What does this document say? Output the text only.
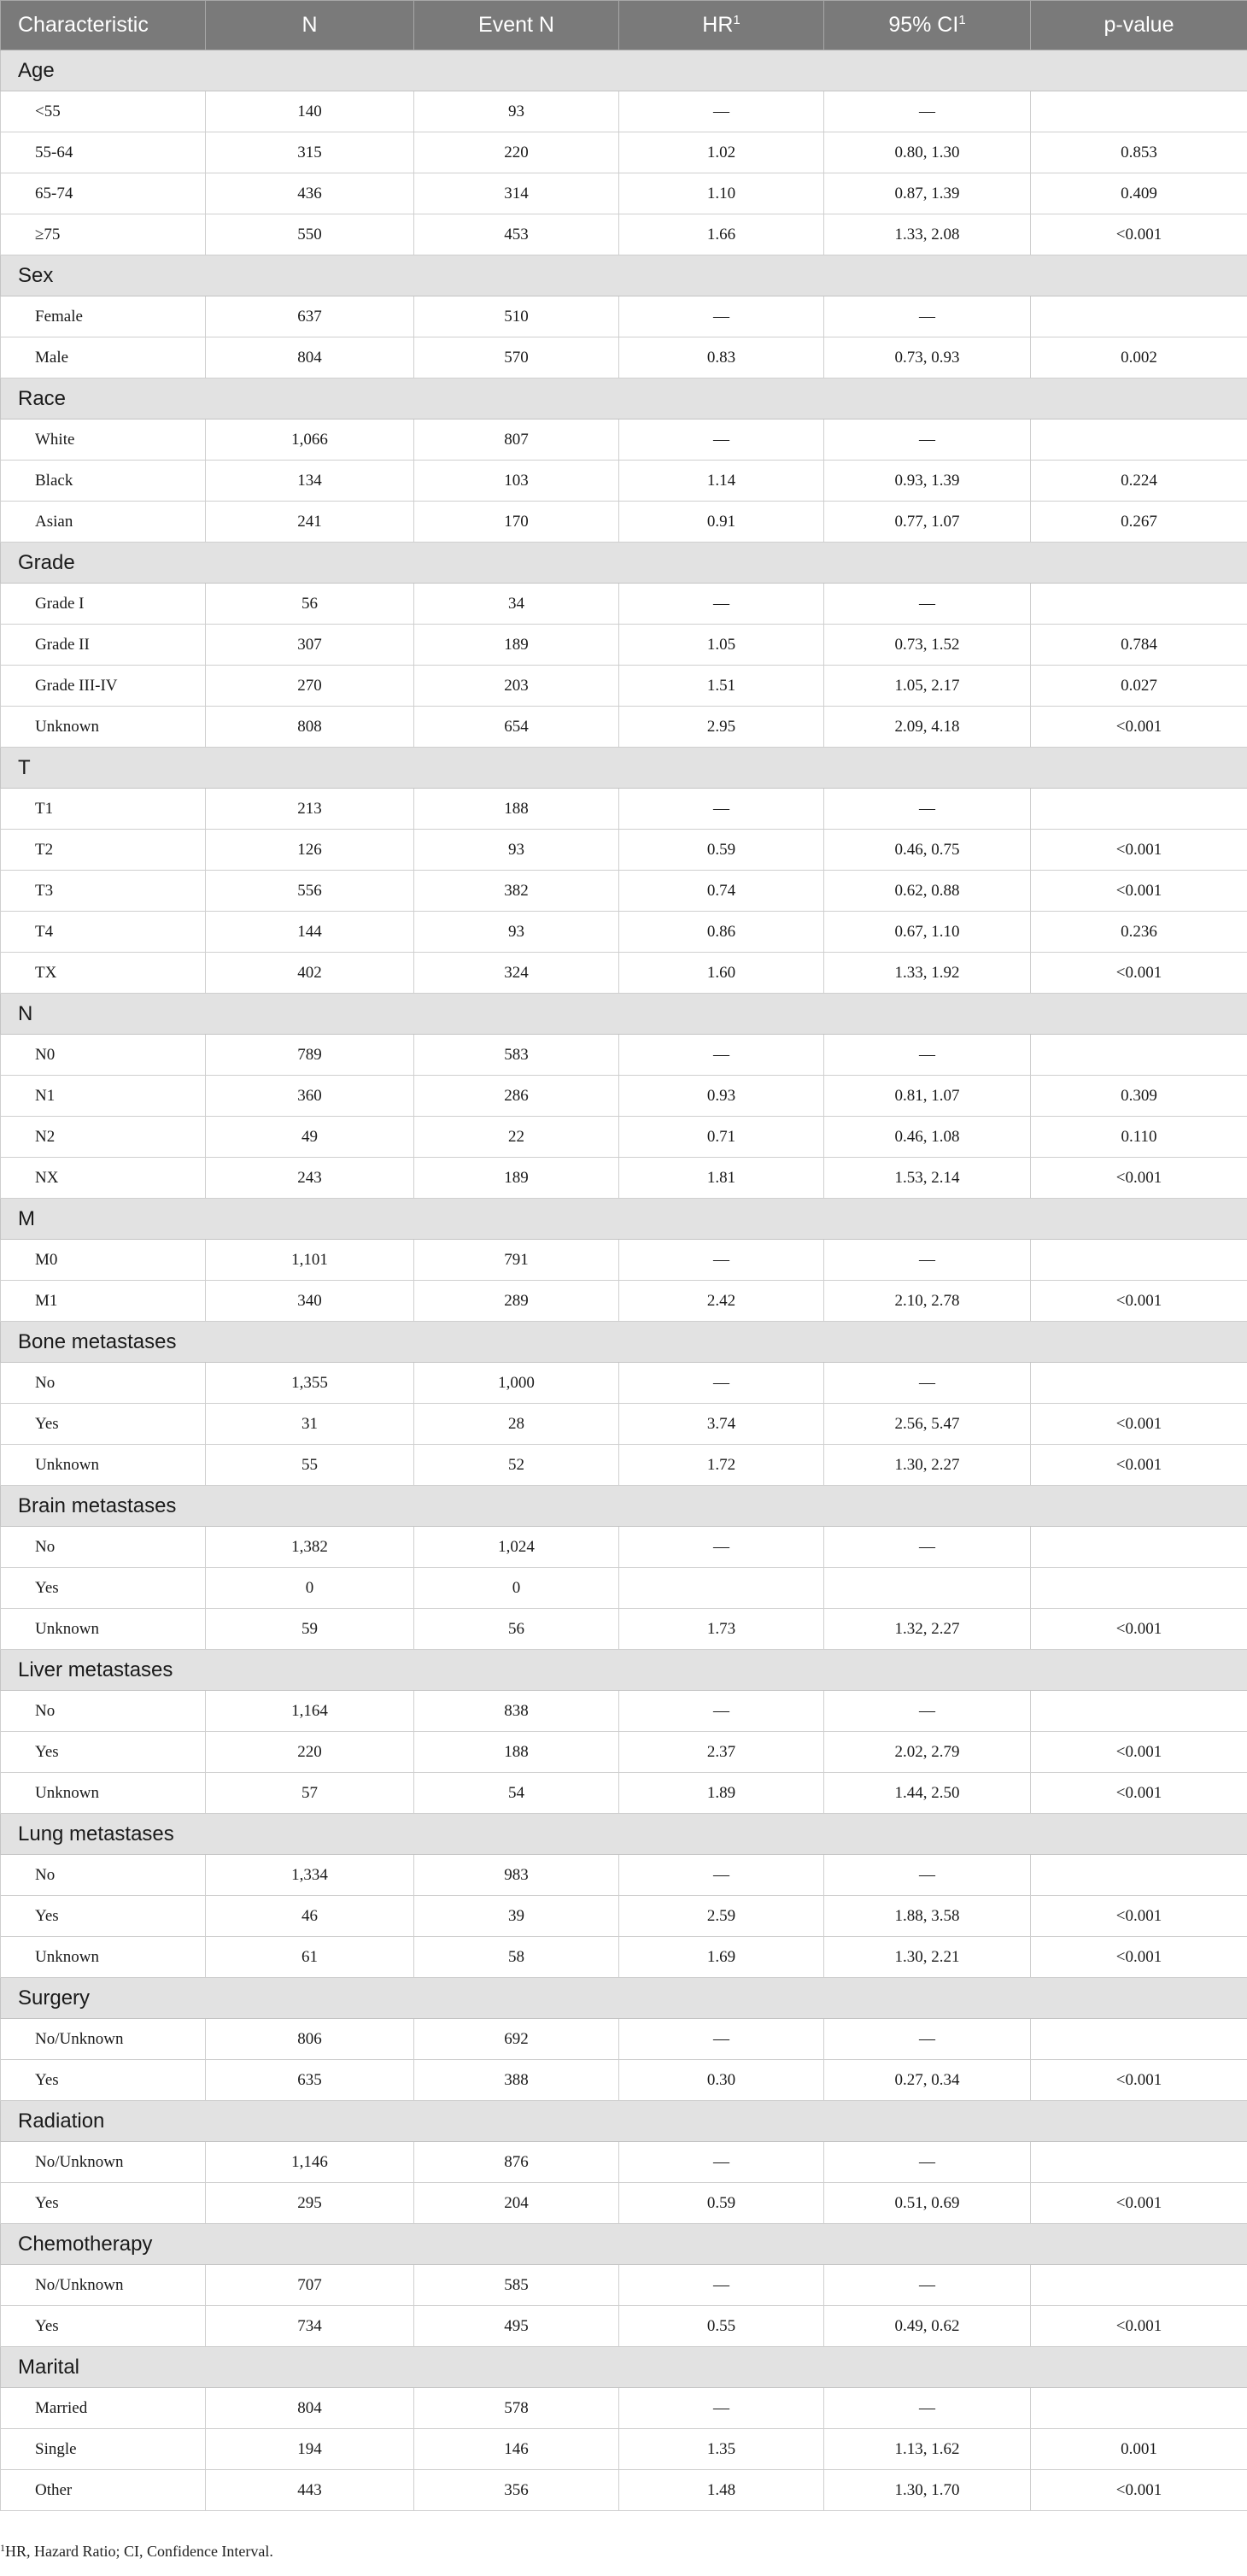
Characteristic	N	Event N	$HR^1$	95% $CI^1$	p-value
Age					
<55	140	93	—	—	
55-64	315	220	1.02	0.80, 1.30	0.853
65-74	436	314	1.10	0.87, 1.39	0.409
≥75	550	453	1.66	1.33, 2.08	<0.001
Sex					
Female	637	510	—	—	
Male	804	570	0.83	0.73, 0.93	0.002
Race					
White	1,066	807	—	—	
Black	134	103	1.14	0.93, 1.39	0.224
Asian	241	170	0.91	0.77, 1.07	0.267
Grade					
Grade I	56	34	—	—	
Grade II	307	189	1.05	0.73, 1.52	0.784
Grade III-IV	270	203	1.51	1.05, 2.17	0.027
Unknown	808	654	2.95	2.09, 4.18	<0.001
T					
T1	213	188	—	—	
T2	126	93	0.59	0.46, 0.75	<0.001
T3	556	382	0.74	0.62, 0.88	<0.001
T4	144	93	0.86	0.67, 1.10	0.236
TX	402	324	1.60	1.33, 1.92	<0.001
N					
N0	789	583	—	—	
N1	360	286	0.93	0.81, 1.07	0.309
N2	49	22	0.71	0.46, 1.08	0.110
NX	243	189	1.81	1.53, 2.14	<0.001
M					
M0	1,101	791	—	—	
M1	340	289	2.42	2.10, 2.78	<0.001
Bone metastases					
No	1,355	1,000	—	—	
Yes	31	28	3.74	2.56, 5.47	<0.001
Unknown	55	52	1.72	1.30, 2.27	<0.001
Brain metastases					
No	1,382	1,024	—	—	
Yes	0	0			
Unknown	59	56	1.73	1.32, 2.27	<0.001
Liver metastases					
No	1,164	838	—	—	
Yes	220	188	2.37	2.02, 2.79	<0.001
Unknown	57	54	1.89	1.44, 2.50	<0.001
Lung metastases					
No	1,334	983	—	—	
Yes	46	39	2.59	1.88, 3.58	<0.001
Unknown	61	58	1.69	1.30, 2.21	<0.001
Surgery					
No/Unknown	806	692	—	—	
Yes	635	388	0.30	0.27, 0.34	<0.001
Radiation					
No/Unknown	1,146	876	—	—	
Yes	295	204	0.59	0.51, 0.69	<0.001
Chemotherapy					
No/Unknown	707	585	—	—	
Yes	734	495	0.55	0.49, 0.62	<0.001
Marital					
Married	804	578	—	—	
Single	194	146	1.35	1.13, 1.62	0.001
Other	443	356	1.48	1.30, 1.70	<0.001
$^1$HR, Hazard Ratio; CI, Confidence Interval.
